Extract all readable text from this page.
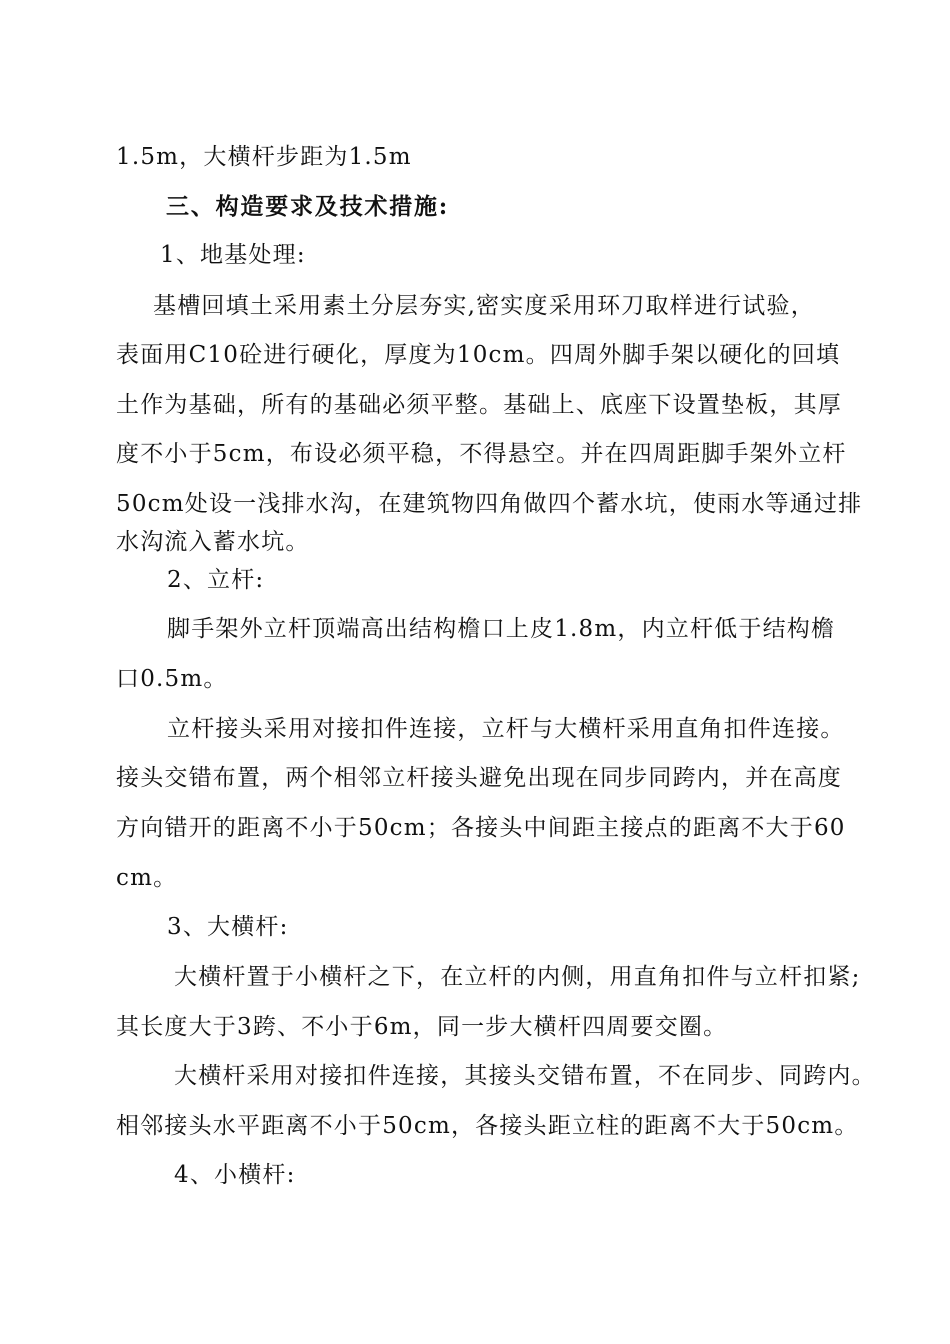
1.5m，大横杆步距为1.5m
三、构造要求及技术措施:
1、地基处理:
基槽回填土采用素土分层夯实,密实度采用环刀取样进行试验，
表面用C10砼进行硬化，厚度为10cm。四周外脚手架以硬化的回填
土作为基础，所有的基础必须平整。基础上、底座下设置垫板，其厚
度不小于5cm，布设必须平稳，不得悬空。并在四周距脚手架外立杆
50cm处设一浅排水沟，在建筑物四角做四个蓄水坑，使雨水等通过排
水沟流入蓄水坑。
2、立杆:
脚手架外立杆顶端高出结构檐口上皮1.8m，内立杆低于结构檐
口0.5m。
立杆接头采用对接扣件连接，立杆与大横杆采用直角扣件连接。
接头交错布置，两个相邻立杆接头避免出现在同步同跨内，并在高度
方向错开的距离不小于50cm；各接头中间距主接点的距离不大于60
cm。
3、大横杆:
大横杆置于小横杆之下，在立杆的内侧，用直角扣件与立杆扣紧;
其长度大于3跨、不小于6m，同一步大横杆四周要交圈。
大横杆采用对接扣件连接，其接头交错布置，不在同步、同跨内。
相邻接头水平距离不小于50cm，各接头距立柱的距离不大于50cm。
4、小横杆:
